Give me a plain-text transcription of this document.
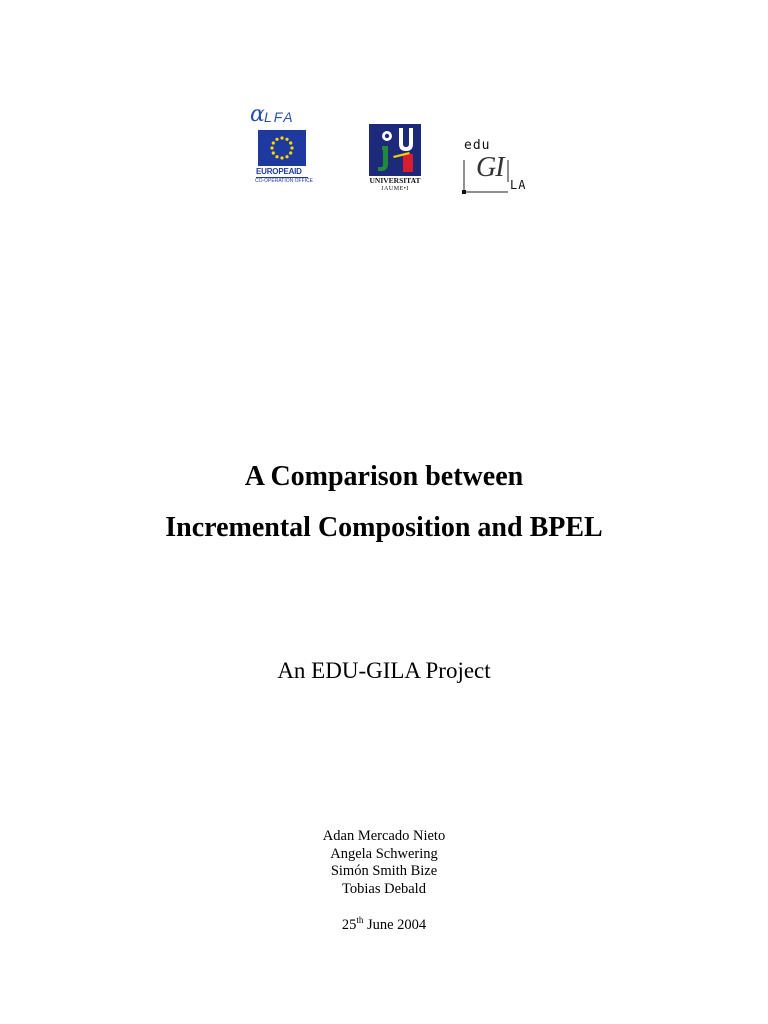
α LFA
EUROPEAID
CO-OPERATION OFFICE	UNIVERSITAT
JAUME•I
edu
GI
LA
A Comparison between
Incremental Composition and BPEL
An EDU-GILA Project
Adan Mercado Nieto
Angela Schwering
Simón Smith Bize
Tobias Debald
25th June 2004
